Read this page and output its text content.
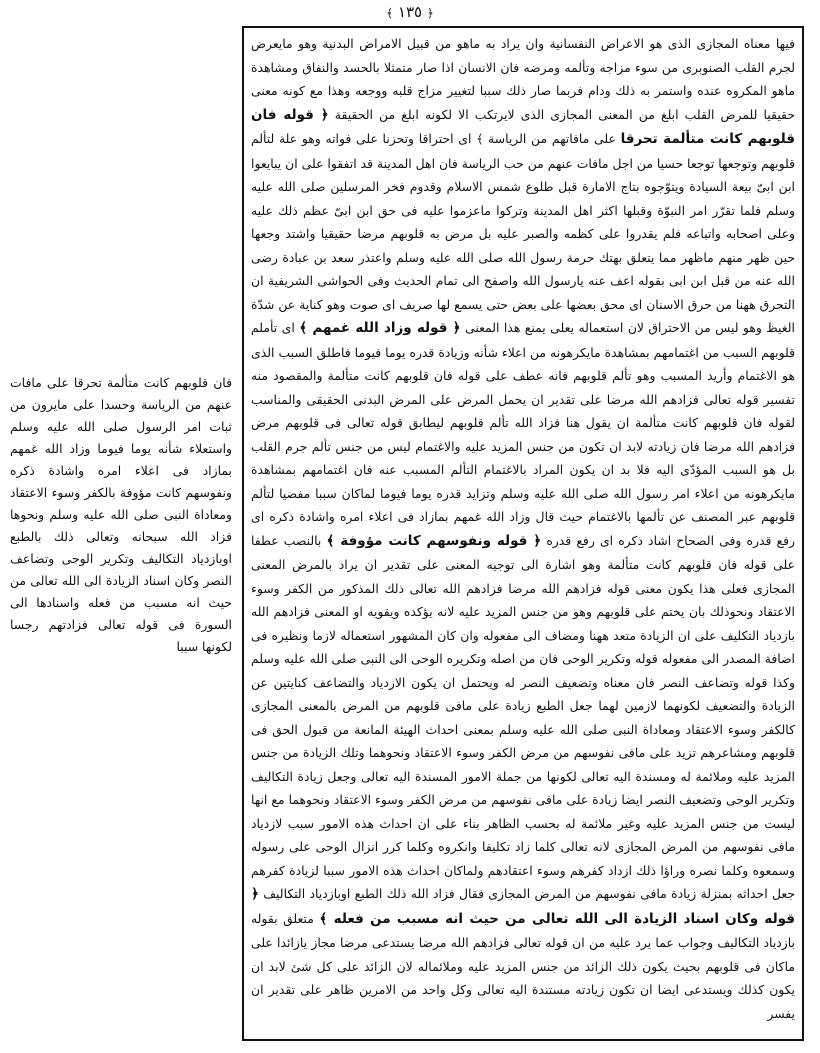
﴾ ١٣٥ ﴿

فيها معناه المجازى الذى هو الاعراض النفسانية وان يراد به ماهو من قبيل الامراض البدنية وهو مايعرض لجرم القلب الصنوبرى من سوء مزاجه وتألمه ومرضه فان الانسان اذا صار متمثلا بالحسد والنفاق ومشاهدة ماهو المكروه عنده واستمر به ذلك ودام فربما صار ذلك سببا لتغيير مزاج قلبه ووجعه وهذا مع كونه معنى حقيقيا للمرض القلب ابلغ من المعنى المجازى الذى لايرتكب الا لكونه ابلغ من الحقيقة ﴿ قوله فان قلوبهم كانت متألمة تحرقا على مافاتهم من الرياسة ﴾ اى احتراقا وتحزنا على فواته وهو علة لتألم قلوبهم وتوجعها توجعا حسيا من اجل مافات عنهم من حب الرياسة فان اهل المدينة قد اتفقوا على ان يبايعوا ابن ابىّ بيعة السيادة ويتوّجوه بتاج الامارة قبل طلوع شمس الاسلام وقدوم فخر المرسلين صلى الله عليه وسلم فلما تقرّر امر النبوّة وقبلها اكثر اهل المدينة وتركوا ماعزموا عليه فى حق ابن ابىّ عظم ذلك عليه وعلى اصحابه واتباعه فلم يقدروا على كظمه والصبر عليه بل مرض به قلوبهم مرضا حقيقيا واشتد وجعها حين ظهر منهم ماظهر مما يتعلق بهتك حرمة رسول الله صلى الله عليه وسلم واعتذر سعد بن عبادة رضى الله عنه من قبل ابن ابى بقوله اعف عنه يارسول الله واصفح الى تمام الحديث وفى الحواشى الشريفية ان التحرق ههنا من حرق الاسنان اى محق بعضها على بعض حتى يسمع لها صريف اى صوت وهو كناية عن شدّة الغيظ وهو ليس من الاحتراق لان استعماله يعلى يمنع هذا المعنى ﴿ قوله وزاد الله غمهم ﴾ اى تأملم قلوبهم السبب من اغتمامهم بمشاهدة مايكرهونه من اعلاء شأنه وزيادة قدره يوما فيوما فاطلق السبب الذى هو الاغتمام وأريد المسبب وهو تألم قلوبهم فانه عطف على قوله فان قلوبهم كانت متألمة والمقصود منه تفسير قوله تعالى فزادهم الله مرضا على تقدير ان يحمل المرض على المرض البدنى الحقيقى والمناسب لقوله فان قلوبهم كانت متألمة ان يقول هنا فزاد الله تألم قلوبهم ليطابق قوله تعالى فى قلوبهم مرض فزادهم الله مرضا فان زيادته لابد ان تكون من جنس المزيد عليه والاغتمام ليس من جنس تألم جرم القلب بل هو السبب المؤدّى اليه فلا بد ان يكون المراد بالاغتمام التألم المسبب عنه فان اغتمامهم بمشاهدة مايكرهونه من اعلاء امر رسول الله صلى الله عليه وسلم وتزايد قدره يوما فيوما لماكان سببا مفضيا لتألم قلوبهم عبر المصنف عن تألمها بالاغتمام حيث قال وزاد الله غمهم بمازاد فى اعلاء امره واشادة ذكره اى رفع قدره وفى الصحاح اشاد ذكره اى رفع قدره ﴿ قوله ونفوسهم كانت مؤوفة ﴾ بالنصب عطفا على قوله فان قلوبهم كانت متألمة وهو اشارة الى توجيه المعنى على تقدير ان يراد بالمرض المعنى المجازى فعلى هذا يكون معنى قوله فزادهم الله مرضا فزادهم الله تعالى ذلك المذكور من الكفر وسوء الاعتقاد ونحوذلك بان يختم على قلوبهم وهو من جنس المزيد عليه لانه يؤكده ويقويه او المعنى فزادهم الله بازدياد التكليف على ان الزيادة متعد ههنا ومضاف الى مفعوله وان كان المشهور استعماله لازما ونظيره فى اضافة المصدر الى مفعوله قوله وتكرير الوحى فان من اصله وتكريره الوحى الى النبى صلى الله عليه وسلم وكذا قوله وتضاعف النصر فان معناه وتضعيف النصر له ويحتمل ان يكون الازدياد والتضاعف كنايتين عن الزيادة والتضعيف لكونهما لازمين لهما جعل الطبع زيادة على مافى قلوبهم من المرض بالمعنى المجازى كالكفر وسوء الاعتقاد ومعاداة النبى صلى الله عليه وسلم بمعنى احداث الهيئة المانعة من قبول الحق فى قلوبهم ومشاعرهم تزيد على مافى نفوسهم من مرض الكفر وسوء الاعتقاد ونحوهما وتلك الزيادة من جنس المزيد عليه وملائمة له ومسندة اليه تعالى لكونها من جملة الامور المسندة اليه تعالى وجعل زيادة التكاليف وتكرير الوحى وتضعيف النصر ايضا زيادة على مافى نفوسهم من مرض الكفر وسوء الاعتقاد ونحوهما مع انها ليست من جنس المزيد عليه وغير ملائمة له بحسب الظاهر بناء على ان احداث هذه الامور سبب لازدياد مافى نفوسهم من المرض المجازى لانه تعالى كلما زاد تكليفا وانكروه وكلما كرر انزال الوحى على رسوله وسمعوه وكلما نصره وراؤا ذلك ازداد كفرهم وسوء اعتقادهم ولماكان احداث هذه الامور سببا لزيادة كفرهم جعل احداثه بمنزلة زيادة مافى نفوسهم من المرض المجازى فقال فزاد الله ذلك الطبع اوبازدياد التكاليف ﴿ قوله وكان اسناد الزيادة الى الله تعالى من حيث انه مسبب من فعله ﴾ متعلق بقوله بازدياد التكاليف وجواب عما يرد عليه من ان قوله تعالى فزادهم الله مرضا يستدعى مرضا مجاز يازائدا على ماكان فى قلوبهم بحيث يكون ذلك الزائد من جنس المزيد عليه وملائماله لان الزائد على كل شئ لابد ان يكون كذلك ويستدعى ايضا ان تكون زيادته مستندة اليه تعالى وكل واحد من الامرين ظاهر على تقدير ان يفسر

فان قلوبهم كانت متألمة تحرقا على مافات عنهم من الرياسة وحسدا على مايرون من ثبات امر الرسول صلى الله عليه وسلم واستعلاء شأنه يوما فيوما وزاد الله غمهم بمازاد فى اعلاء امره واشادة ذكره ونفوسهم كانت مؤوفة بالكفر وسوء الاعتقاد ومعاداة النبى صلى الله عليه وسلم ونحوها فزاد الله سبحانه وتعالى ذلك بالطبع اوبازدياد التكاليف وتكرير الوحى وتضاعف النصر وكان اسناد الزيادة الى الله تعالى من حيث انه مسبب من فعله واسنادها الى السورة فى قوله تعالى فزادتهم رجسا لكونها سببا
